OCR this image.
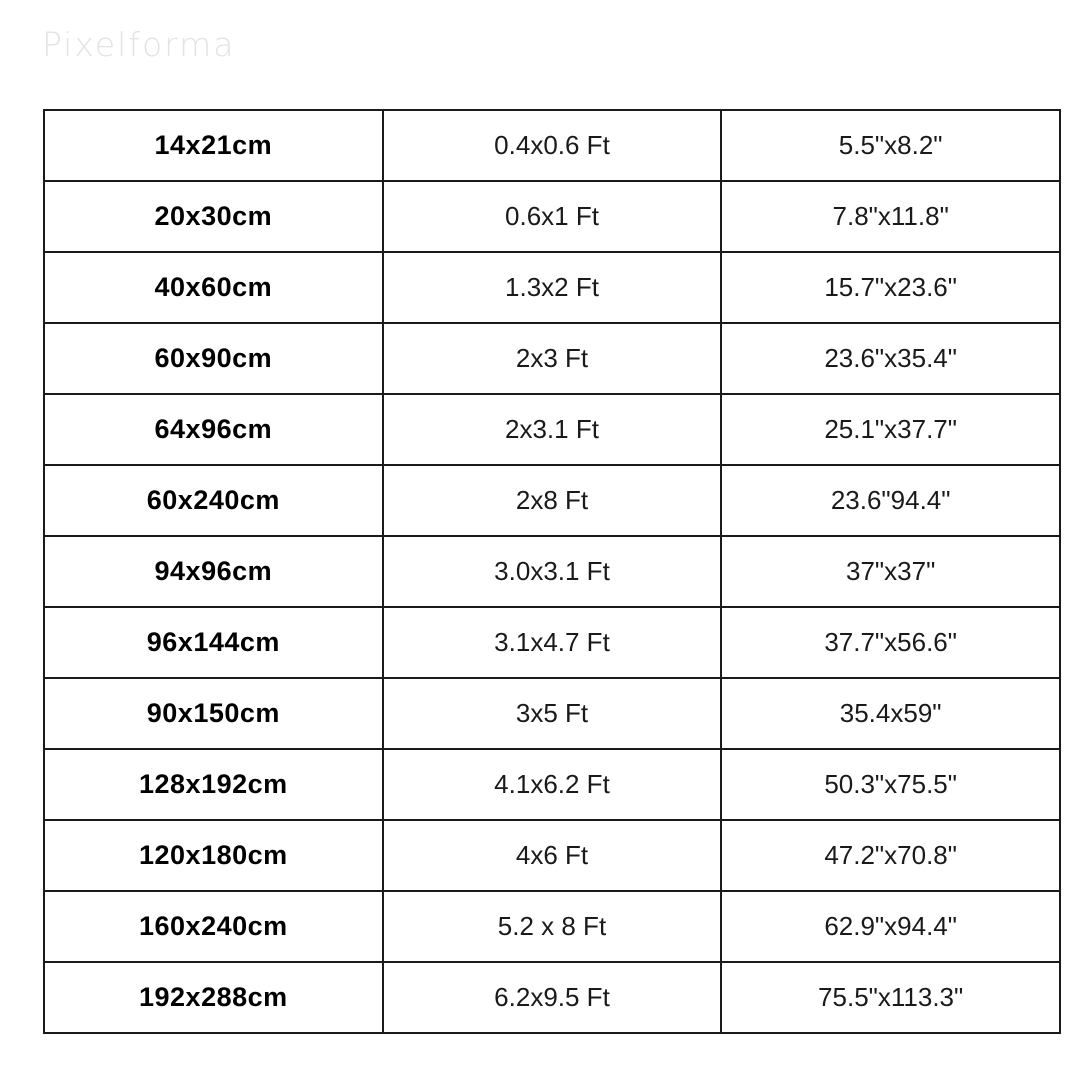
Pixelforma
14x21cm	0.4x0.6 Ft	5.5"x8.2"
20x30cm	0.6x1 Ft	7.8"x11.8"
40x60cm	1.3x2 Ft	15.7"x23.6"
60x90cm	2x3 Ft	23.6"x35.4"
64x96cm	2x3.1 Ft	25.1"x37.7"
60x240cm	2x8 Ft	23.6"94.4"
94x96cm	3.0x3.1 Ft	37"x37"
96x144cm	3.1x4.7 Ft	37.7"x56.6"
90x150cm	3x5 Ft	35.4x59"
128x192cm	4.1x6.2 Ft	50.3"x75.5"
120x180cm	4x6 Ft	47.2"x70.8"
160x240cm	5.2 x 8 Ft	62.9"x94.4"
192x288cm	6.2x9.5 Ft	75.5"x113.3"
